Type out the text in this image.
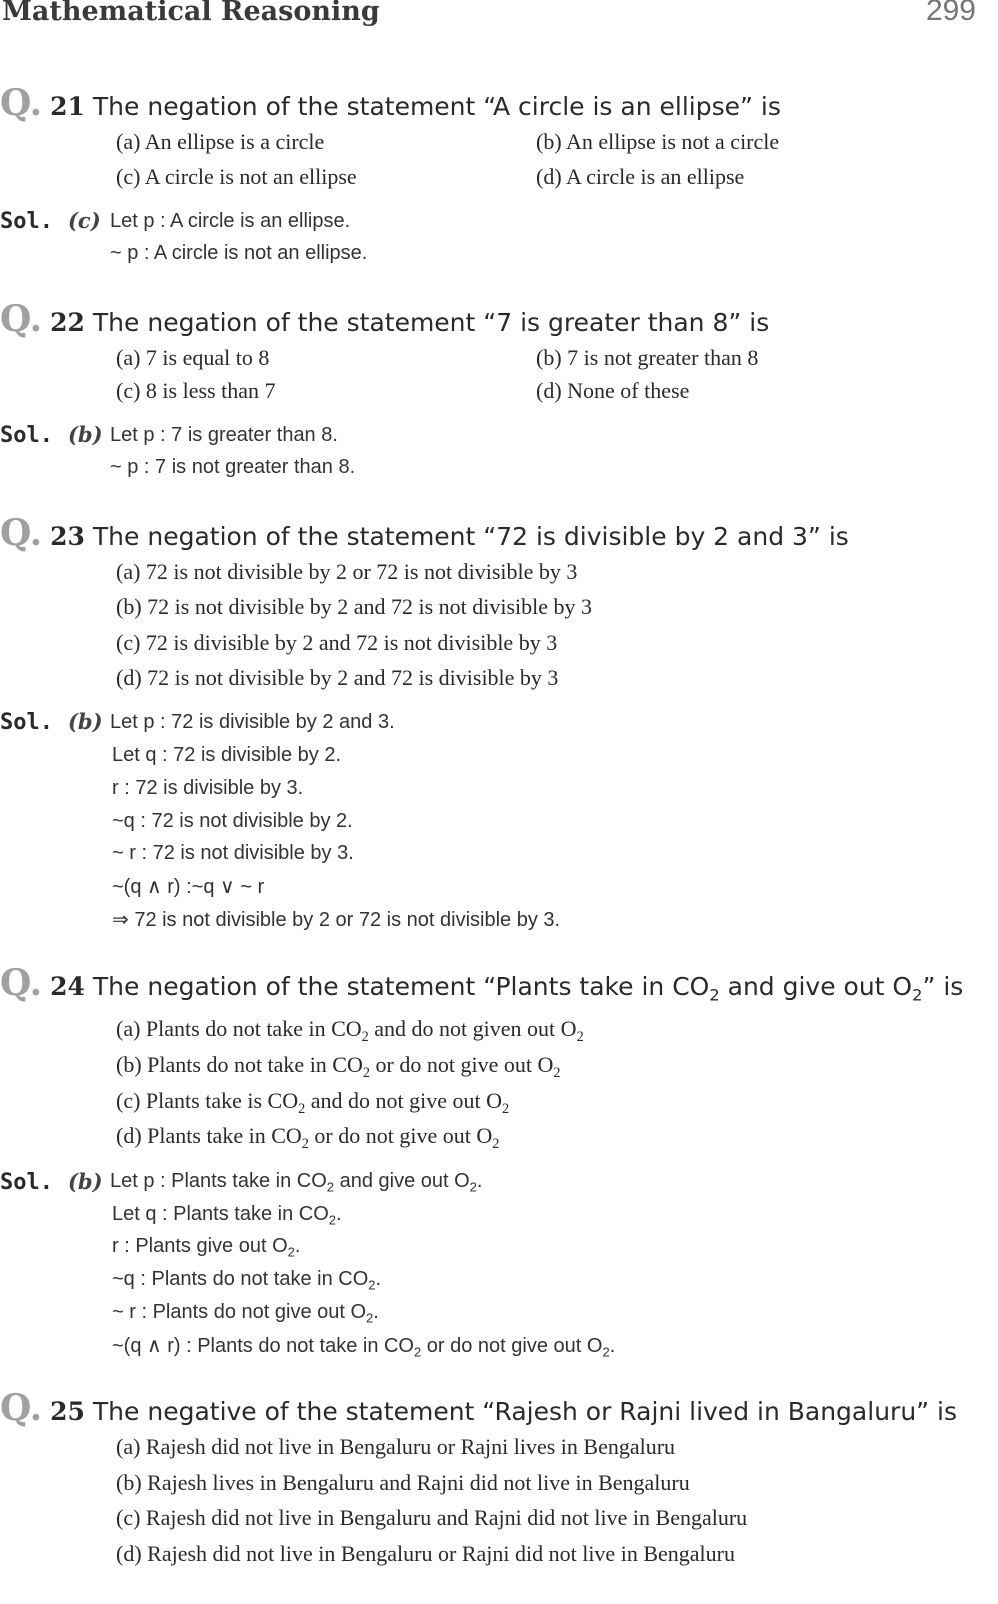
Mathematical Reasoning	299
Q. 21 The negation of the statement “A circle is an ellipse” is
(a) An ellipse is a circle	(b) An ellipse is not a circle
(c) A circle is not an ellipse	(d) A circle is an ellipse
Sol. (c) Let p : A circle is an ellipse.
~ p : A circle is not an ellipse.
Q. 22 The negation of the statement “7 is greater than 8” is
(a) 7 is equal to 8	(b) 7 is not greater than 8
(c) 8 is less than 7	(d) None of these
Sol. (b) Let p : 7 is greater than 8.
~ p : 7 is not greater than 8.
Q. 23 The negation of the statement “72 is divisible by 2 and 3” is
(a) 72 is not divisible by 2 or 72 is not divisible by 3
(b) 72 is not divisible by 2 and 72 is not divisible by 3
(c) 72 is divisible by 2 and 72 is not divisible by 3
(d) 72 is not divisible by 2 and 72 is divisible by 3
Sol. (b) Let p : 72 is divisible by 2 and 3.
Let q : 72 is divisible by 2.
r : 72 is divisible by 3.
~q : 72 is not divisible by 2.
~ r : 72 is not divisible by 3.
~(q ∧ r) :~q ∨ ~ r
⇒ 72 is not divisible by 2 or 72 is not divisible by 3.
Q. 24 The negation of the statement “Plants take in $CO_2$ and give out $O_2$” is
(a) Plants do not take in $CO_2$ and do not given out $O_2$
(b) Plants do not take in $CO_2$ or do not give out $O_2$
(c) Plants take is $CO_2$ and do not give out $O_2$
(d) Plants take in $CO_2$ or do not give out $O_2$
Sol. (b) Let p : Plants take in $CO_2$ and give out $O_2$.
Let q : Plants take in $CO_2$.
r : Plants give out $O_2$.
~q : Plants do not take in $CO_2$.
~ r : Plants do not give out $O_2$.
~(q ∧ r) : Plants do not take in $CO_2$ or do not give out $O_2$.
Q. 25 The negative of the statement “Rajesh or Rajni lived in Bangaluru” is
(a) Rajesh did not live in Bengaluru or Rajni lives in Bengaluru
(b) Rajesh lives in Bengaluru and Rajni did not live in Bengaluru
(c) Rajesh did not live in Bengaluru and Rajni did not live in Bengaluru
(d) Rajesh did not live in Bengaluru or Rajni did not live in Bengaluru
